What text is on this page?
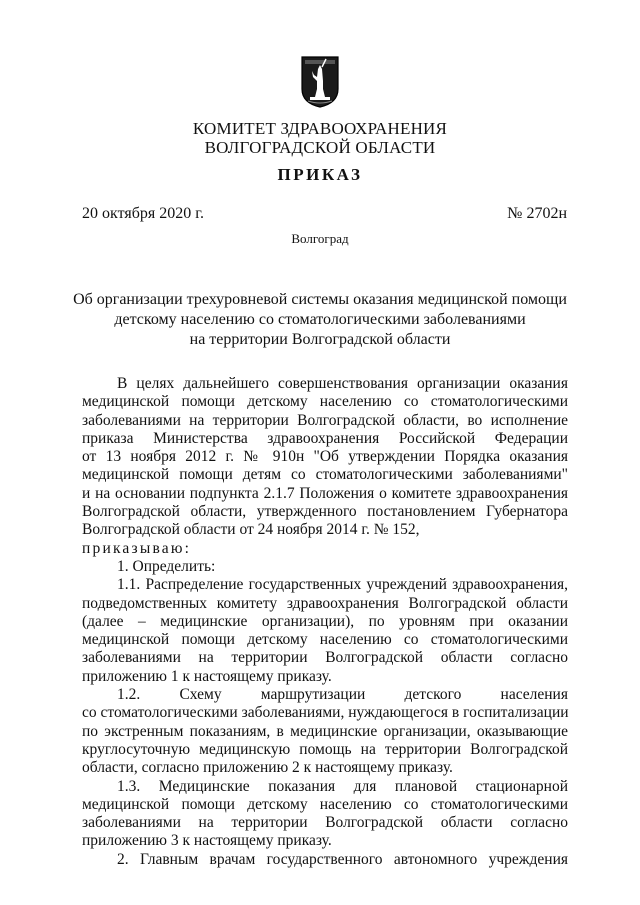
КОМИТЕТ ЗДРАВООХРАНЕНИЯ
ВОЛГОГРАДСКОЙ ОБЛАСТИ
ПРИКАЗ
20 октября 2020 г.	№ 2702н
Волгоград
Об организации трехуровневой системы оказания медицинской помощи
детскому населению со стоматологическими заболеваниями
на территории Волгоградской области
В целях дальнейшего совершенствования организации оказания
медицинской помощи детскому населению со стоматологическими
заболеваниями на территории Волгоградской области, во исполнение
приказа Министерства здравоохранения Российской Федерации
от 13 ноября 2012 г. № 910н "Об утверждении Порядка оказания
медицинской помощи детям со стоматологическими заболеваниями"
и на основании подпункта 2.1.7 Положения о комитете здравоохранения
Волгоградской области, утвержденного постановлением Губернатора
Волгоградской области от 24 ноября 2014 г. № 152,
приказываю:
1. Определить:
1.1. Распределение государственных учреждений здравоохранения,
подведомственных комитету здравоохранения Волгоградской области
(далее – медицинские организации), по уровням при оказании
медицинской помощи детскому населению со стоматологическими
заболеваниями на территории Волгоградской области согласно
приложению 1 к настоящему приказу.
1.2. Схему маршрутизации детского населения
со стоматологическими заболеваниями, нуждающегося в госпитализации
по экстренным показаниям, в медицинские организации, оказывающие
круглосуточную медицинскую помощь на территории Волгоградской
области, согласно приложению 2 к настоящему приказу.
1.3. Медицинские показания для плановой стационарной
медицинской помощи детскому населению со стоматологическими
заболеваниями на территории Волгоградской области согласно
приложению 3 к настоящему приказу.
2. Главным врачам государственного автономного учреждения
